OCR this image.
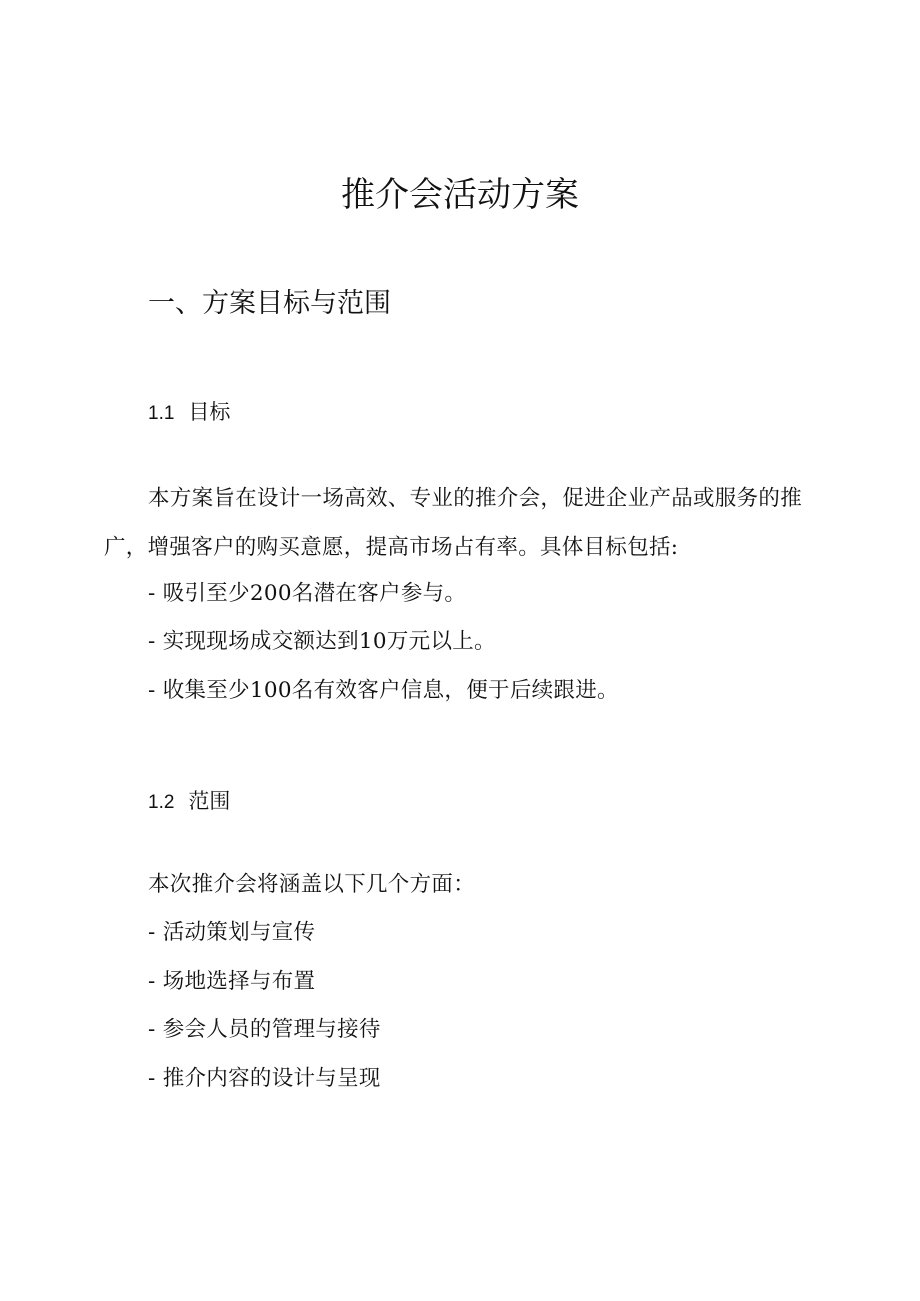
推介会活动方案
一、方案目标与范围
1.1 目标

本方案旨在设计一场高效、专业的推介会，促进企业产品或服务的推广，增强客户的购买意愿，提高市场占有率。具体目标包括:

- 吸引至少200名潜在客户参与。

- 实现现场成交额达到10万元以上。

- 收集至少100名有效客户信息，便于后续跟进。

1.2 范围

本次推介会将涵盖以下几个方面：

- 活动策划与宣传

- 场地选择与布置

- 参会人员的管理与接待

- 推介内容的设计与呈现
